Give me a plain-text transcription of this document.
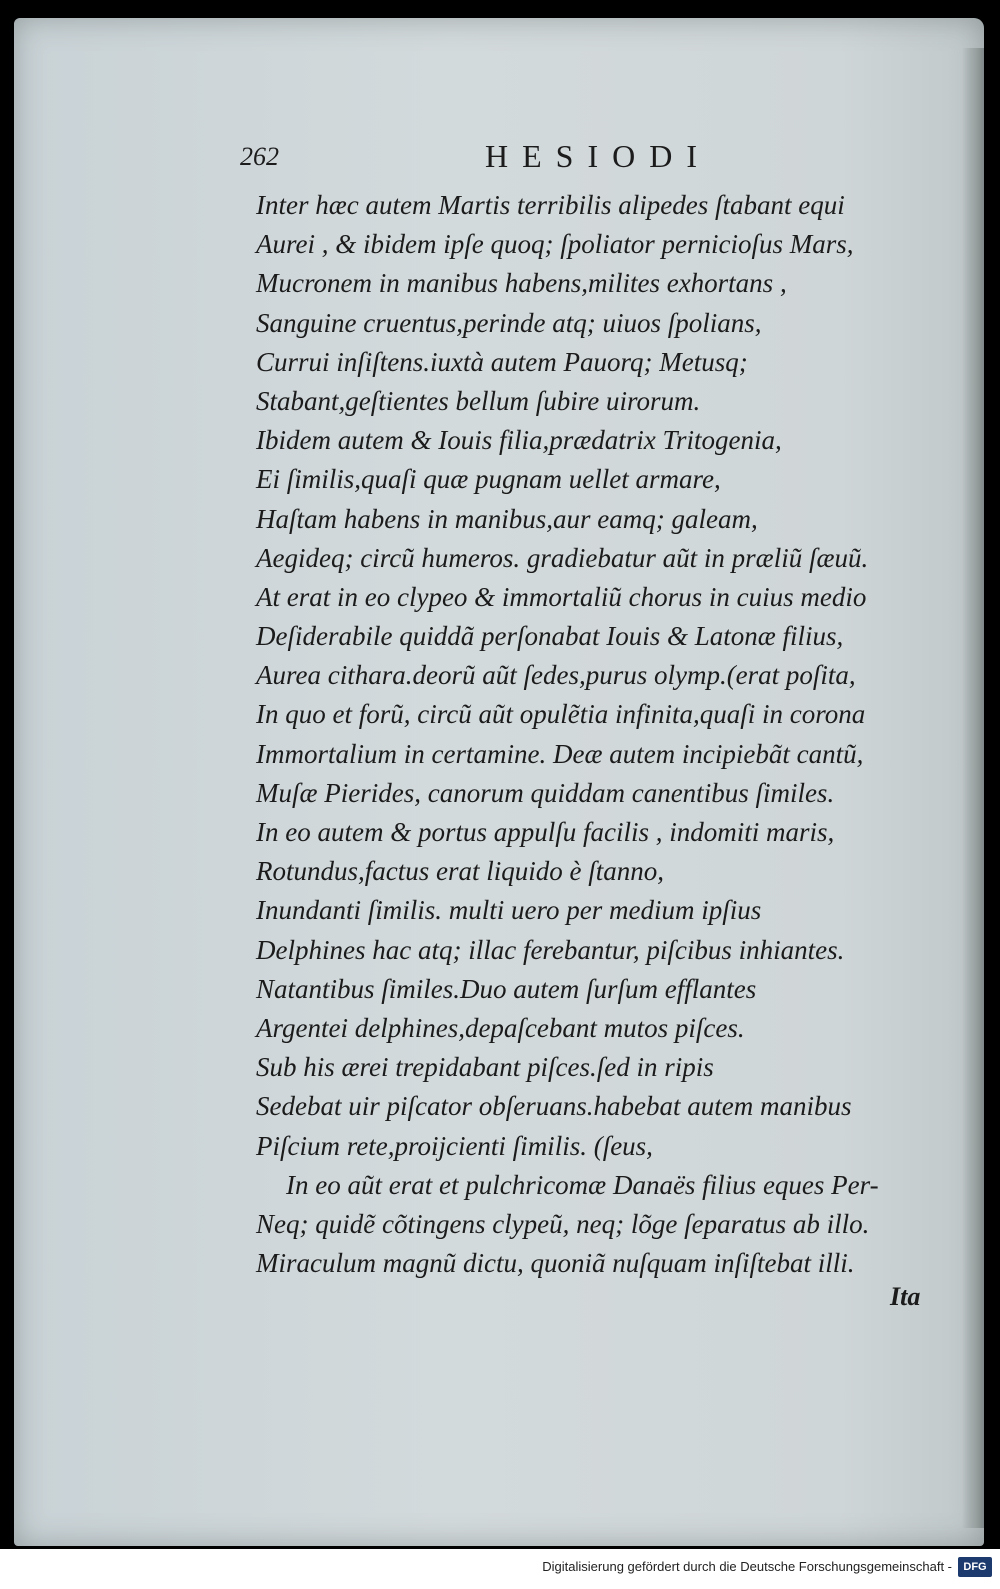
262	HESIODI
Inter hæc autem Martis terribilis alipedes ſtabant equi
Aurei , & ibidem ipſe quoq; ſpoliator pernicioſus Mars,
Mucronem in manibus habens,milites exhortans ,
Sanguine cruentus,perinde atq; uiuos ſpolians,
Currui inſiſtens.iuxtà autem Pauorq; Metusq;
Stabant,geſtientes bellum ſubire uirorum.
Ibidem autem & Iouis filia,prædatrix Tritogenia,
Ei ſimilis,quaſi quæ pugnam uellet armare,
Haſtam habens in manibus,aur eamq; galeam,
Aegideq; circũ humeros. gradiebatur aũt in præliũ ſæuũ.
At erat in eo clypeo & immortaliũ chorus in cuius medio
Deſiderabile quiddã perſonabat Iouis & Latonæ filius,
Aurea cithara.deorũ aũt ſedes,purus olymp.(erat poſita,
In quo et forũ, circũ aũt opulẽtia infinita,quaſi in corona
Immortalium in certamine. Deæ autem incipiebãt cantũ,
Muſæ Pierides, canorum quiddam canentibus ſimiles.
In eo autem & portus appulſu facilis , indomiti maris,
Rotundus,factus erat liquido è ſtanno,
Inundanti ſimilis. multi uero per medium ipſius
Delphines hac atq; illac ferebantur, piſcibus inhiantes.
Natantibus ſimiles.Duo autem ſurſum efflantes
Argentei delphines,depaſcebant mutos piſces.
Sub his ærei trepidabant piſces.ſed in ripis
Sedebat uir piſcator obſeruans.habebat autem manibus
Piſcium rete,proijcienti ſimilis. (ſeus,
In eo aũt erat et pulchricomæ Danaës filius eques Per-
Neq; quidẽ cõtingens clypeũ, neq; lõge ſeparatus ab illo.
Miraculum magnũ dictu, quoniã nuſquam inſiſtebat illi.
Ita
Digitalisierung gefördert durch die Deutsche Forschungsgemeinschaft -	DFG
